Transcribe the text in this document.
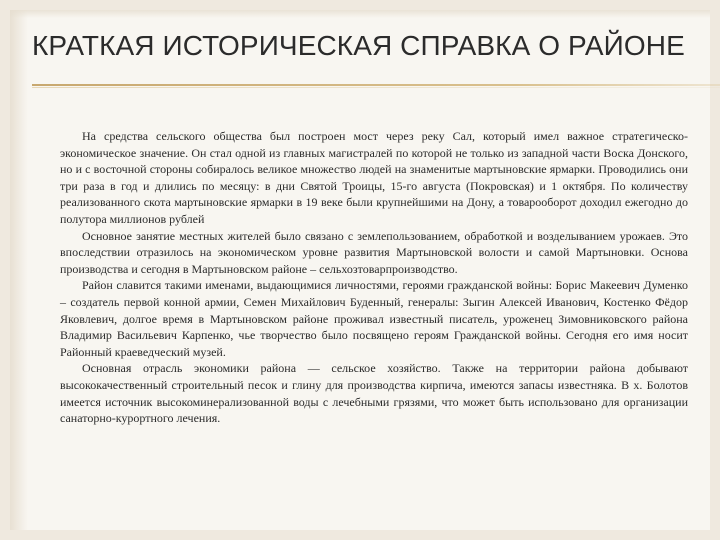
КРАТКАЯ ИСТОРИЧЕСКАЯ СПРАВКА О РАЙОНЕ

На средства сельского общества был построен мост через реку Сал, который имел важное стратегическо-экономическое значение. Он стал одной из главных магистралей по которой не только из западной части Воска Донского, но и с восточной стороны собиралось великое множество людей на знаменитые мартыновские ярмарки. Проводились они три раза в год и длились по месяцу: в дни Святой Троицы, 15-го августа (Покровская) и 1 октября. По количеству реализованного скота мартыновские ярмарки в 19 веке были крупнейшими на Дону, а товарооборот доходил ежегодно до полутора миллионов рублей

Основное занятие местных жителей было связано с землепользованием, обработкой и возделыванием урожаев. Это впоследствии отразилось на экономическом уровне развития Мартыновской волости и самой Мартыновки. Основа производства и сегодня в Мартыновском районе – сельхозтоварпроизводство.

Район славится такими именами, выдающимися личностями, героями гражданской войны: Борис Макеевич Думенко – создатель первой конной армии, Семен Михайлович Буденный, генералы: Зыгин Алексей Иванович, Костенко Фёдор Яковлевич, долгое время в Мартыновском районе проживал известный писатель, уроженец Зимовниковского района Владимир Васильевич Карпенко, чье творчество было посвящено героям Гражданской войны. Сегодня его имя носит Районный краеведческий музей.

Основная отрасль экономики района — сельское хозяйство. Также на территории района добывают высококачественный строительный песок и глину для производства кирпича, имеются запасы известняка. В х. Болотов имеется источник высокоминерализованной воды с лечебными грязями, что может быть использовано для организации санаторно-курортного лечения.
